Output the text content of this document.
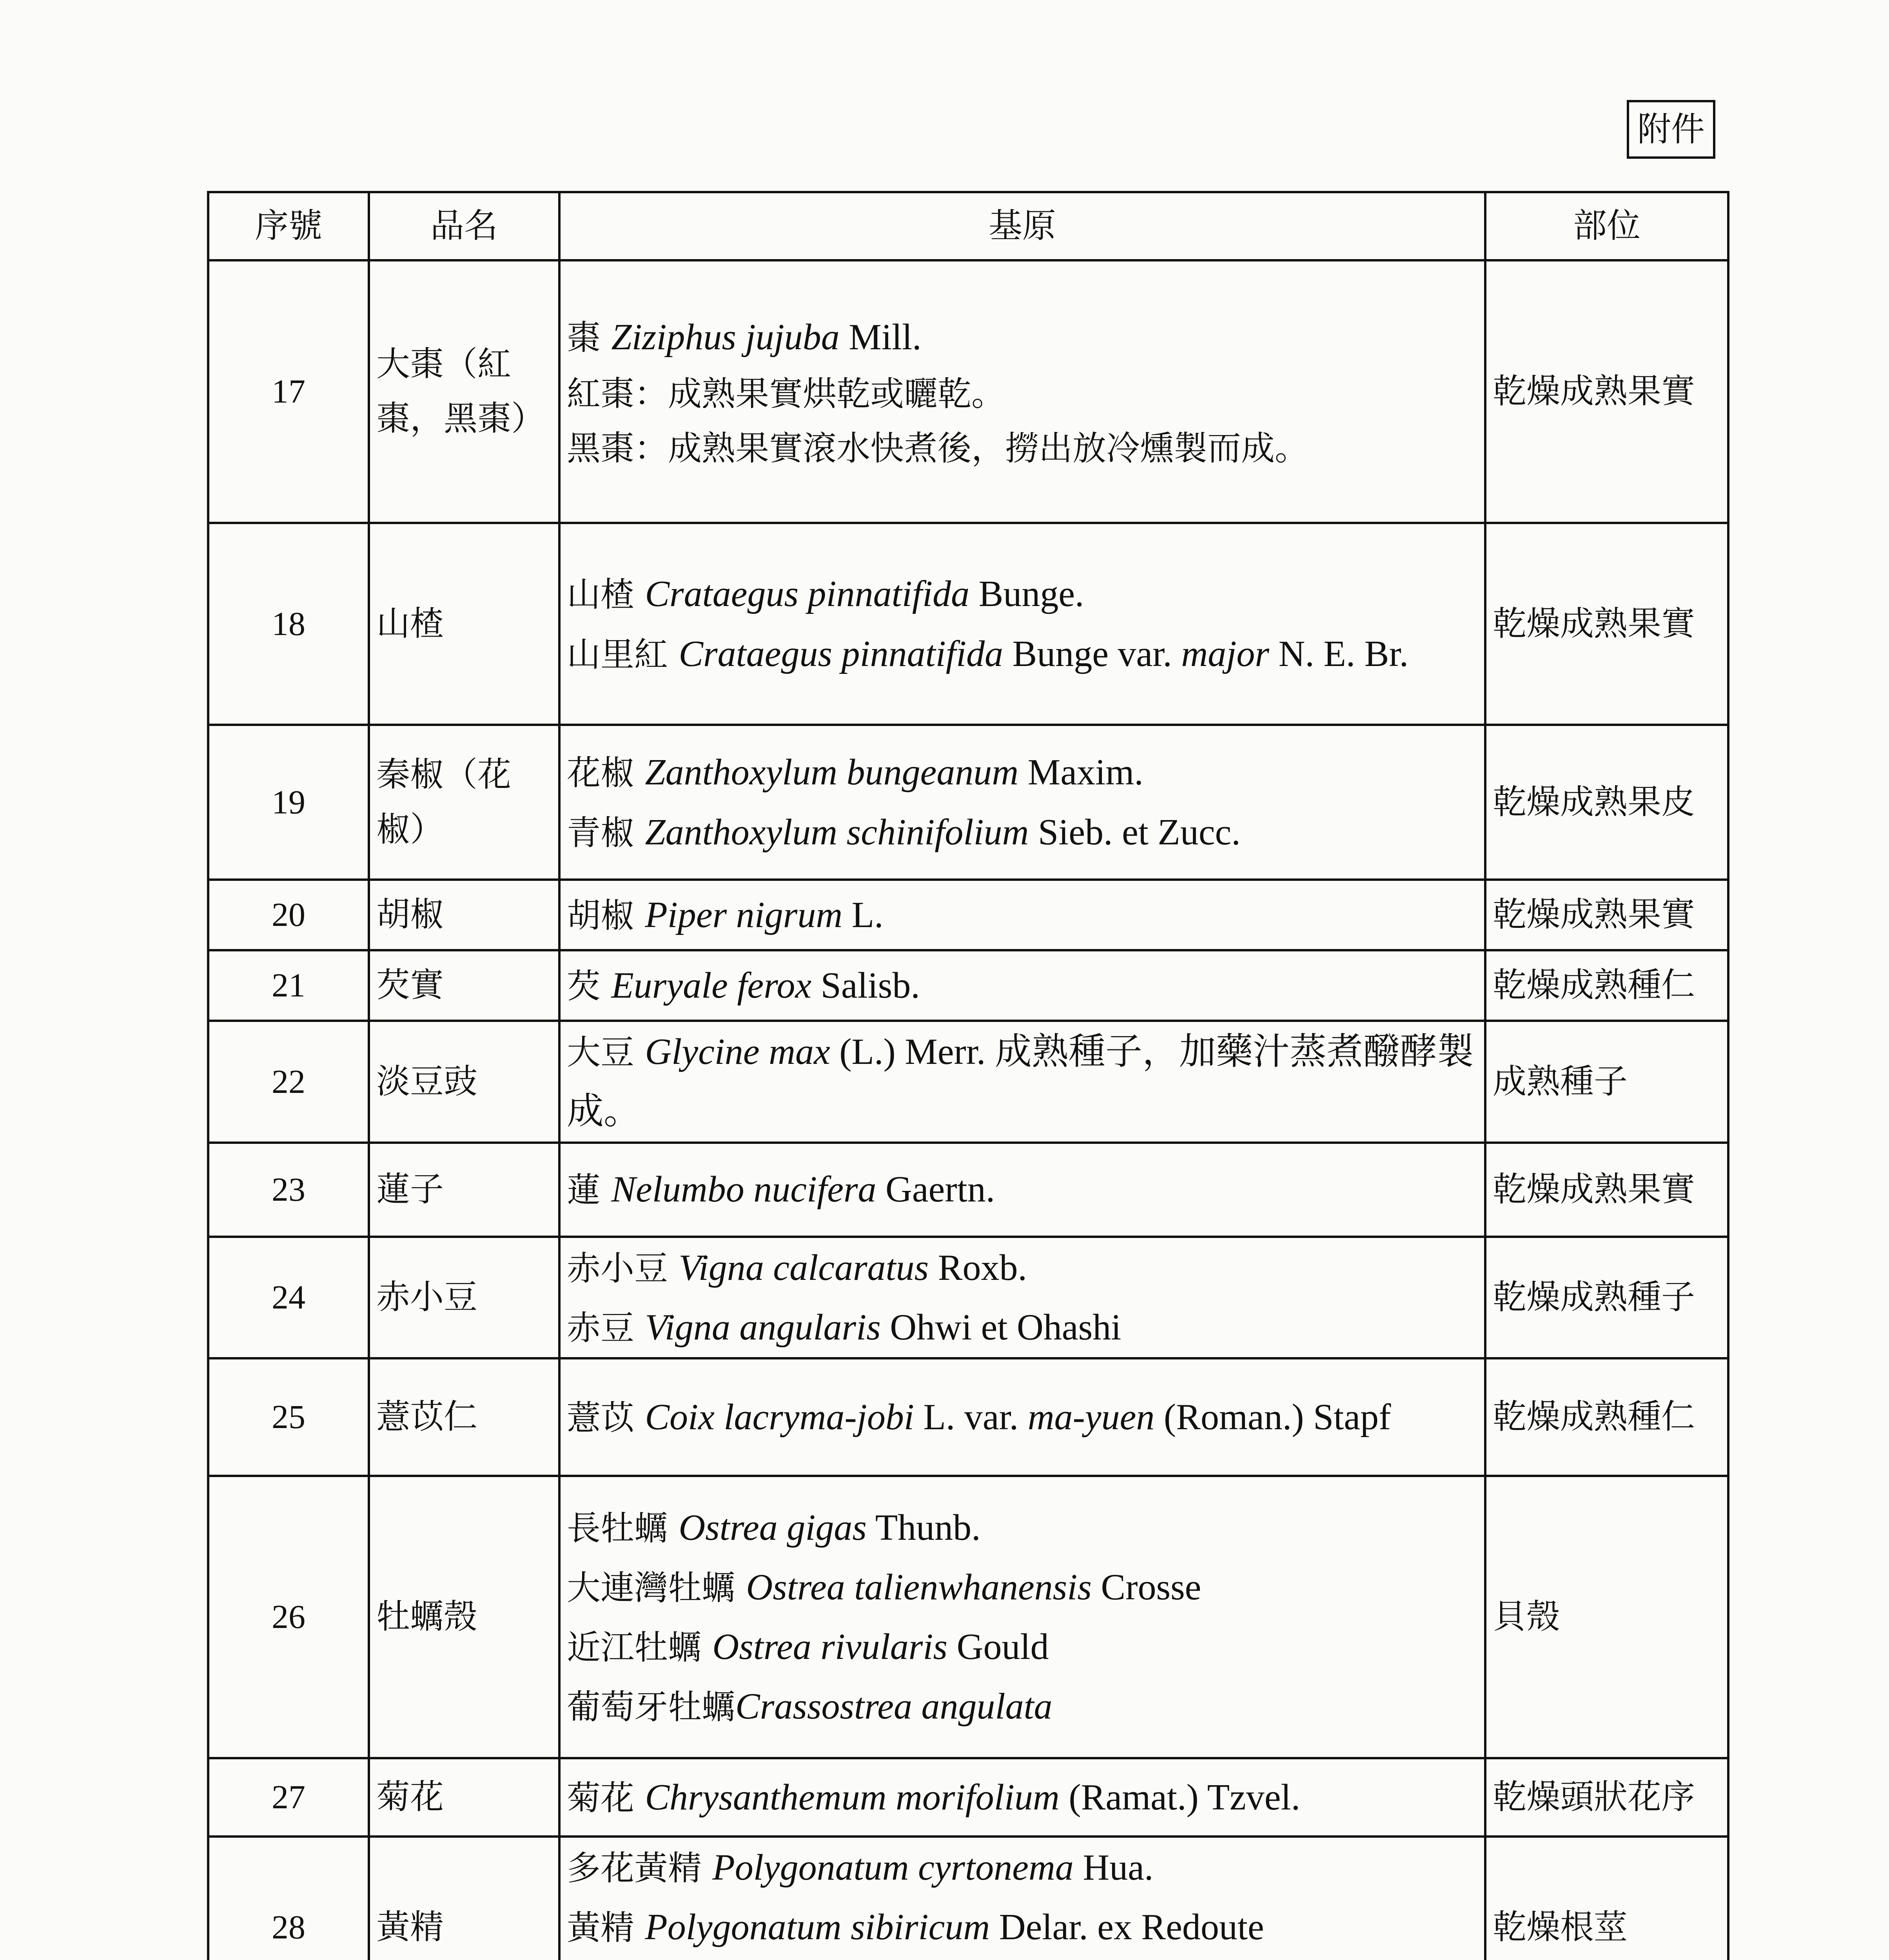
附件
序號	品名	基原	部位
17	大棗（紅棗，黑棗）	棗 Ziziphus jujuba Mill.
紅棗：成熟果實烘乾或曬乾。
黑棗：成熟果實滾水快煮後，撈出放冷燻製而成。	乾燥成熟果實
18	山楂	山楂 Crataegus pinnatifida Bunge.
山里紅 Crataegus pinnatifida Bunge var. major N. E. Br.	乾燥成熟果實
19	秦椒（花椒）	花椒 Zanthoxylum bungeanum Maxim.
青椒 Zanthoxylum schinifolium Sieb. et Zucc.	乾燥成熟果皮
20	胡椒	胡椒 Piper nigrum L.	乾燥成熟果實
21	芡實	芡 Euryale ferox Salisb.	乾燥成熟種仁
22	淡豆豉	大豆 Glycine max (L.) Merr. 成熟種子，加藥汁蒸煮醱酵製成。	成熟種子
23	蓮子	蓮 Nelumbo nucifera Gaertn.	乾燥成熟果實
24	赤小豆	赤小豆 Vigna calcaratus Roxb.
赤豆 Vigna angularis Ohwi et Ohashi	乾燥成熟種子
25	薏苡仁	薏苡 Coix lacryma-jobi L. var. ma-yuen (Roman.) Stapf	乾燥成熟種仁
26	牡蠣殼	長牡蠣 Ostrea gigas Thunb.
大連灣牡蠣 Ostrea talienwhanensis Crosse
近江牡蠣 Ostrea rivularis Gould
葡萄牙牡蠣Crassostrea angulata	貝殼
27	菊花	菊花 Chrysanthemum morifolium (Ramat.) Tzvel.	乾燥頭狀花序
28	黃精	多花黃精 Polygonatum cyrtonema Hua.
黃精 Polygonatum sibiricum Delar. ex Redoute	乾燥根莖
